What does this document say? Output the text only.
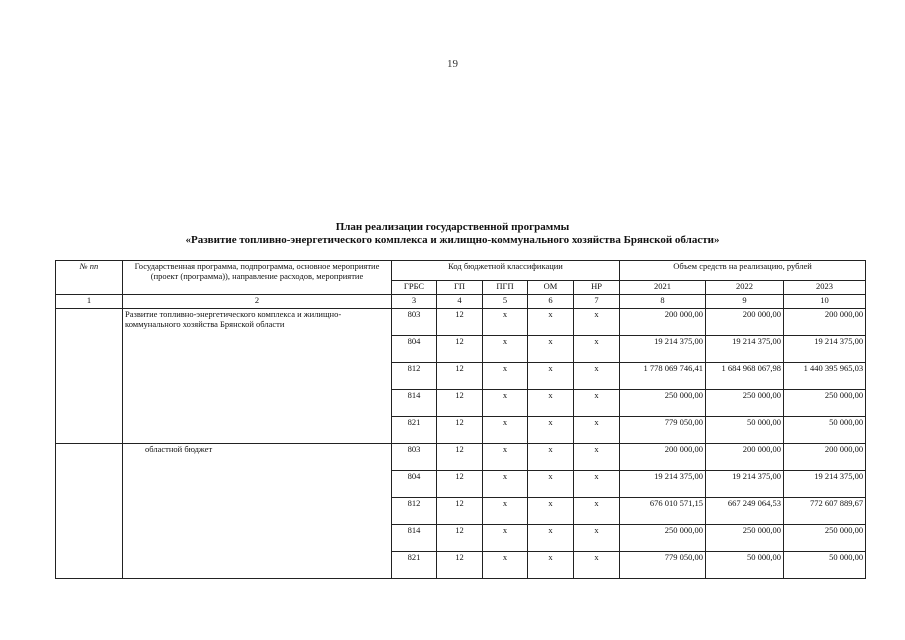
19
План реализации государственной программы
«Развитие топливно-энергетического комплекса и жилищно-коммунального хозяйства Брянской области»
№ пп	Государственная программа, подпрограмма, основное мероприятие (проект (программа)), направление расходов, мероприятие	Код бюджетной классификации					Объем средств на реализацию, рублей		
		ГРБС	ГП	ПГП	ОМ	НР	2021	2022	2023
1	2	3	4	5	6	7	8	9	10
	Развитие топливно-энергетического комплекса и жилищно-коммунального хозяйства Брянской области	803	12	х	х	х	200 000,00	200 000,00	200 000,00
		804	12	х	х	х	19 214 375,00	19 214 375,00	19 214 375,00
		812	12	х	х	х	1 778 069 746,41	1 684 968 067,98	1 440 395 965,03
		814	12	х	х	х	250 000,00	250 000,00	250 000,00
		821	12	х	х	х	779 050,00	50 000,00	50 000,00
	областной бюджет	803	12	х	х	х	200 000,00	200 000,00	200 000,00
		804	12	х	х	х	19 214 375,00	19 214 375,00	19 214 375,00
		812	12	х	х	х	676 010 571,15	667 249 064,53	772 607 889,67
		814	12	х	х	х	250 000,00	250 000,00	250 000,00
		821	12	х	х	х	779 050,00	50 000,00	50 000,00
